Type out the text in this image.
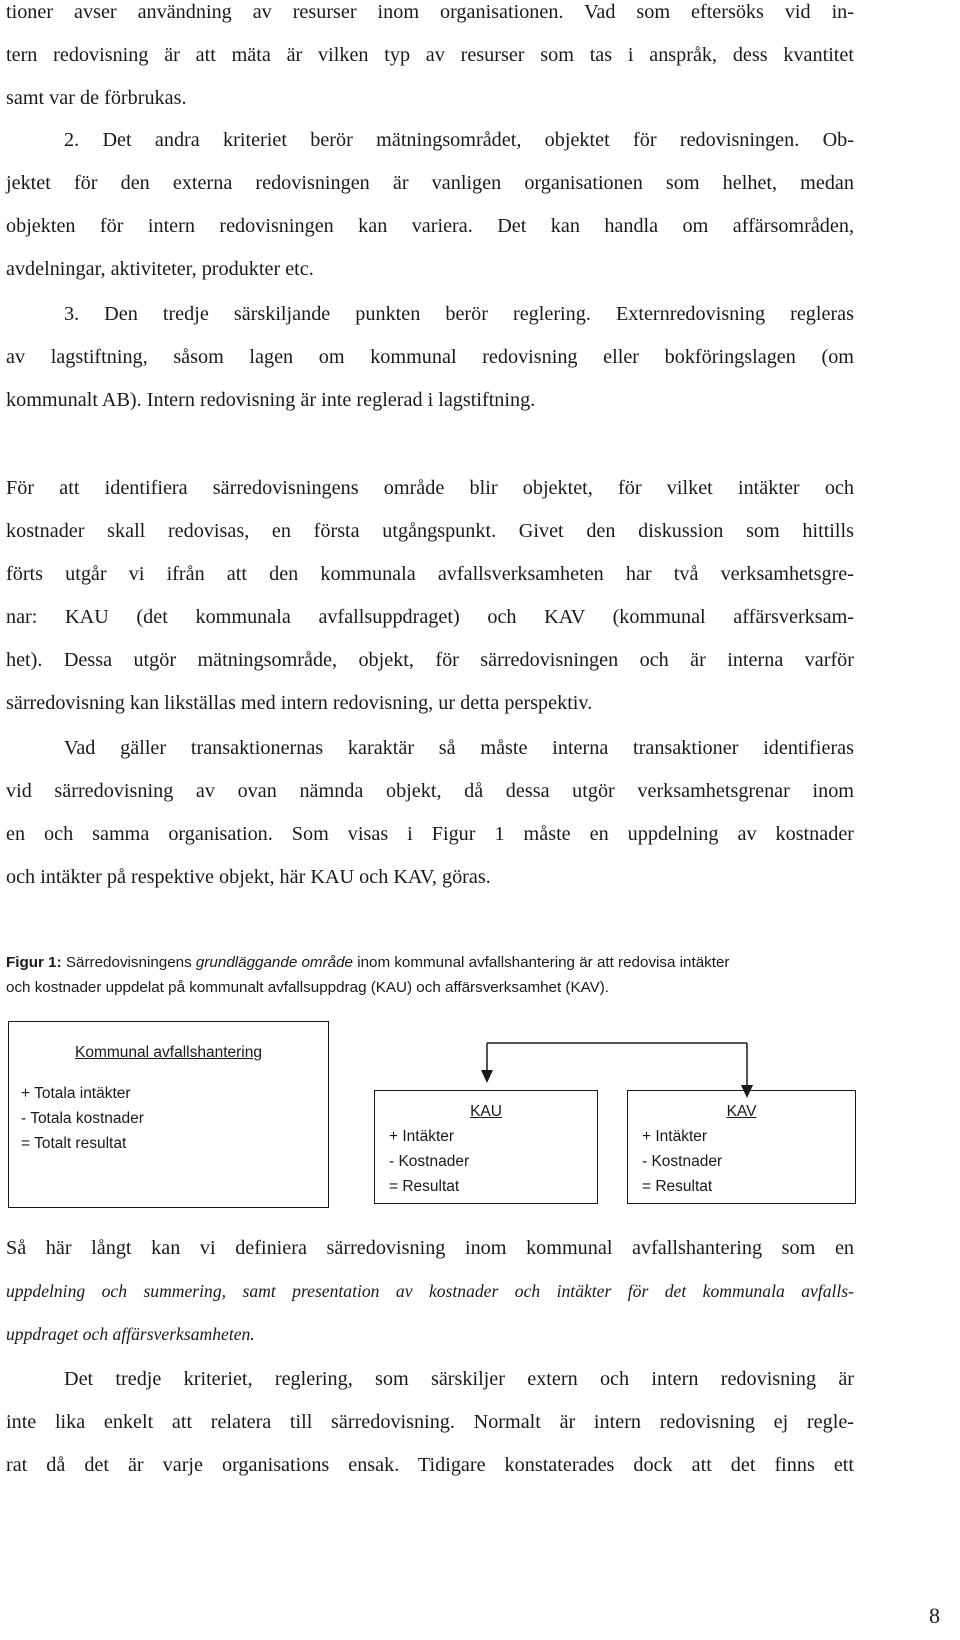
tioner avser användning av resurser inom organisationen. Vad som eftersöks vid in-
tern redovisning är att mäta är vilken typ av resurser som tas i anspråk, dess kvantitet
samt var de förbrukas.
2. Det andra kriteriet berör mätningsområdet, objektet för redovisningen. Ob-
jektet för den externa redovisningen är vanligen organisationen som helhet, medan
objekten för intern redovisningen kan variera. Det kan handla om affärsområden,
avdelningar, aktiviteter, produkter etc.
3. Den tredje särskiljande punkten berör reglering. Externredovisning regleras
av lagstiftning, såsom lagen om kommunal redovisning eller bokföringslagen (om
kommunalt AB). Intern redovisning är inte reglerad i lagstiftning.
För att identifiera särredovisningens område blir objektet, för vilket intäkter och
kostnader skall redovisas, en första utgångspunkt. Givet den diskussion som hittills
förts utgår vi ifrån att den kommunala avfallsverksamheten har två verksamhetsgre-
nar: KAU (det kommunala avfallsuppdraget) och KAV (kommunal affärsverksam-
het). Dessa utgör mätningsområde, objekt, för särredovisningen och är interna varför
särredovisning kan likställas med intern redovisning, ur detta perspektiv.
Vad gäller transaktionernas karaktär så måste interna transaktioner identifieras
vid särredovisning av ovan nämnda objekt, då dessa utgör verksamhetsgrenar inom
en och samma organisation. Som visas i Figur 1 måste en uppdelning av kostnader
och intäkter på respektive objekt, här KAU och KAV, göras.
Figur 1: Särredovisningens grundläggande område inom kommunal avfallshantering är att redovisa intäkter
och kostnader uppdelat på kommunalt avfallsuppdrag (KAU) och affärsverksamhet (KAV).
Kommunal avfallshantering
+ Totala intäkter
- Totala kostnader
= Totalt resultat
KAU
+ Intäkter
- Kostnader
= Resultat
KAV
+ Intäkter
- Kostnader
= Resultat
Så här långt kan vi definiera särredovisning inom kommunal avfallshantering som en
uppdelning och summering, samt presentation av kostnader och intäkter för det kommunala avfalls-
uppdraget och affärsverksamheten.
Det tredje kriteriet, reglering, som särskiljer extern och intern redovisning är
inte lika enkelt att relatera till särredovisning. Normalt är intern redovisning ej regle-
rat då det är varje organisations ensak. Tidigare konstaterades dock att det finns ett
8
